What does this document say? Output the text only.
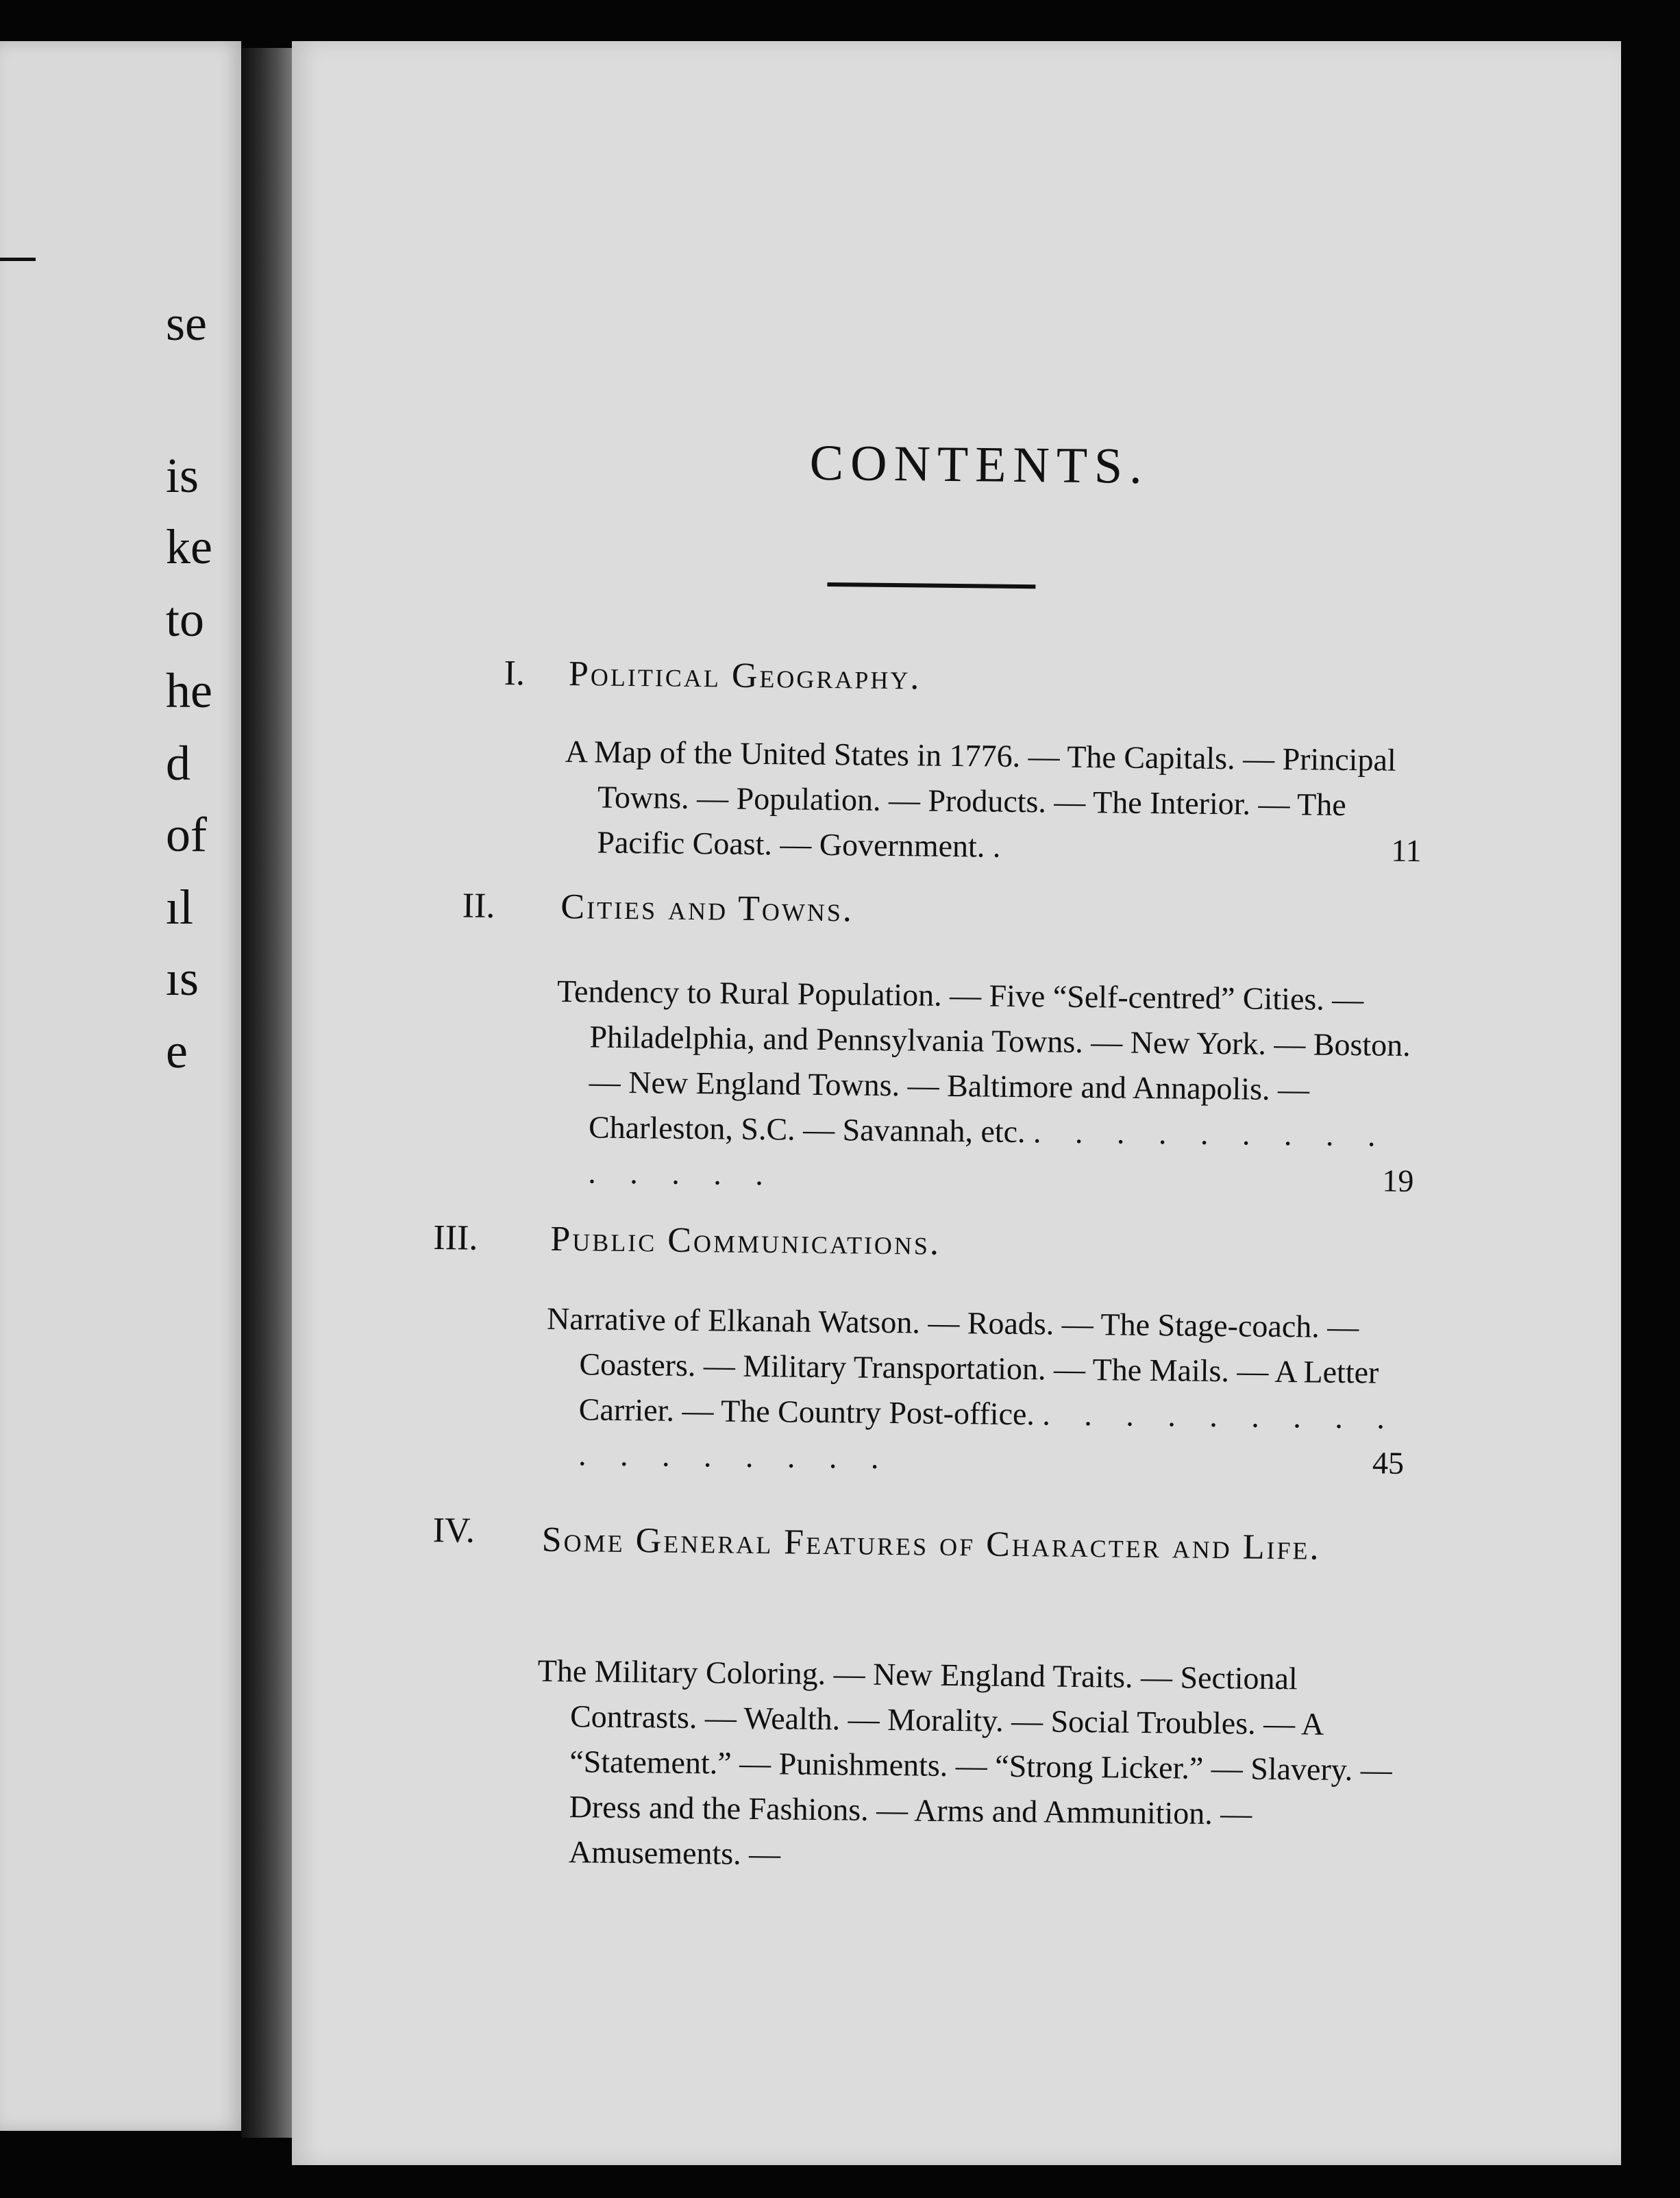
se
is
ke
to
he
d
of
ıl
ıs
e
CONTENTS.
I. Political Geography.

A Map of the United States in 1776. — The Capitals. — Principal Towns. — Population. — Products. — The Interior. — The Pacific Coast. — Government. .	11

II. Cities and Towns.

Tendency to Rural Population. — Five “Self-centred” Cities. — Philadelphia, and Pennsylvania Towns. — New York. — Boston. — New England Towns. — Baltimore and Annapolis. — Charleston, S.C. — Savannah, etc. . . . . . . . . . . . . . .	19

III. Public Communications.

Narrative of Elkanah Watson. — Roads. — The Stage-coach. — Coasters. — Military Transportation. — The Mails. — A Letter Carrier. — The Country Post-office. . . . . . . . . . . . . . . . . .	45

IV. Some General Features of Character and Life.

The Military Coloring. — New England Traits. — Sectional Contrasts. — Wealth. — Morality. — Social Troubles. — A “Statement.” — Punishments. — “Strong Licker.” — Slavery. — Dress and the Fashions. — Arms and Ammunition. — Amusements. —
